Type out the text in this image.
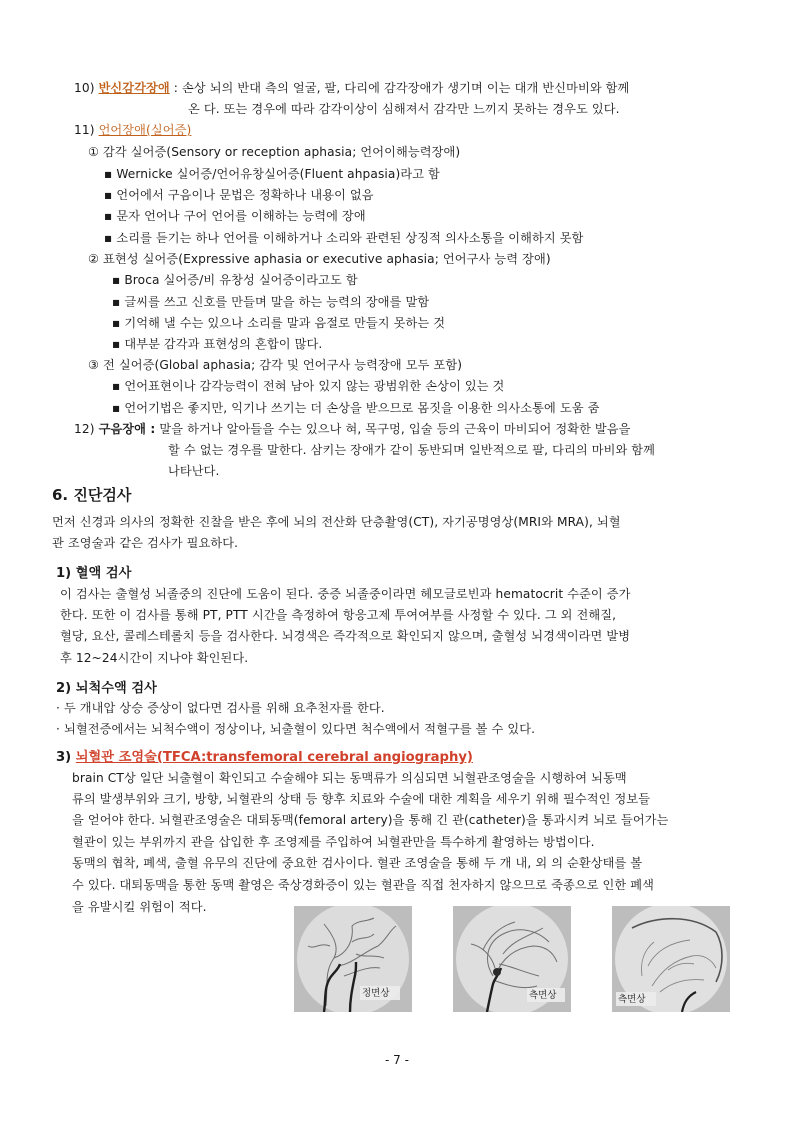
10) 반신감각장애 : 손상 뇌의 반대 측의 얼굴, 팔, 다리에 감각장애가 생기며 이는 대개 반신마비와 함께
온 다. 또는 경우에 따라 감각이상이 심해져서 감각만 느끼지 못하는 경우도 있다.
11) 언어장애(실어증)
① 감각 실어증(Sensory or reception aphasia; 언어이해능력장애)
▪ Wernicke 실어증/언어유창실어증(Fluent ahpasia)라고 함
▪ 언어에서 구음이나 문법은 정확하나 내용이 없음
▪ 문자 언어나 구어 언어를 이해하는 능력에 장애
▪ 소리를 듣기는 하나 언어를 이해하거나 소리와 관련된 상징적 의사소통을 이해하지 못함
② 표현성 실어증(Expressive aphasia or executive aphasia; 언어구사 능력 장애)
▪ Broca 실어증/비 유창성 실어증이라고도 함
▪ 글씨를 쓰고 신호를 만들며 말을 하는 능력의 장애를 말함
▪ 기억해 낼 수는 있으나 소리를 말과 음절로 만들지 못하는 것
▪ 대부분 감각과 표현성의 혼합이 많다.
③ 전 실어증(Global aphasia; 감각 및 언어구사 능력장애 모두 포함)
▪ 언어표현이나 감각능력이 전혀 남아 있지 않는 광범위한 손상이 있는 것
▪ 언어기법은 좋지만, 익기나 쓰기는 더 손상을 받으므로 몸짓을 이용한 의사소통에 도움 줌
12) 구음장애 : 말을 하거나 알아들을 수는 있으나 혀, 목구멍, 입술 등의 근육이 마비되어 정확한 발음을
할 수 없는 경우를 말한다. 삼키는 장애가 같이 동반되며 일반적으로 팔, 다리의 마비와 함께
나타난다.
6. 진단검사
먼저 신경과 의사의 정확한 진찰을 받은 후에 뇌의 전산화 단층촬영(CT), 자기공명영상(MRI와 MRA), 뇌혈
관 조영술과 같은 검사가 필요하다.
1) 혈액 검사
이 검사는 출혈성 뇌졸중의 진단에 도움이 된다. 중증 뇌졸중이라면 헤모글로빈과 hematocrit 수준이 증가
한다. 또한 이 검사를 통해 PT, PTT 시간을 측정하여 항응고제 투여여부를 사정할 수 있다. 그 외 전해질,
혈당, 요산, 콜레스테롤치 등을 검사한다. 뇌경색은 즉각적으로 확인되지 않으며, 출혈성 뇌경색이라면 발병
후 12~24시간이 지나야 확인된다.
2) 뇌척수액 검사
· 두 개내압 상승 증상이 없다면 검사를 위해 요추천자를 한다.
· 뇌혈전증에서는 뇌척수액이 정상이나, 뇌출혈이 있다면 척수액에서 적혈구를 볼 수 있다.
3) 뇌혈관 조영술(TFCA:transfemoral cerebral angiography)
brain CT상 일단 뇌출혈이 확인되고 수술해야 되는 동맥류가 의심되면 뇌혈관조영술을 시행하여 뇌동맥
류의 발생부위와 크기, 방향, 뇌혈관의 상태 등 향후 치료와 수술에 대한 계획을 세우기 위해 필수적인 정보들
을 얻어야 한다. 뇌혈관조영술은 대퇴동맥(femoral artery)을 통해 긴 관(catheter)을 통과시켜 뇌로 들어가는
혈관이 있는 부위까지 관을 삽입한 후 조영제를 주입하여 뇌혈관만을 특수하게 촬영하는 방법이다.
동맥의 협착, 폐색, 출혈 유무의 진단에 중요한 검사이다. 혈관 조영술을 통해 두 개 내, 외 의 순환상태를 볼
수 있다. 대퇴동맥을 통한 동맥 촬영은 죽상경화증이 있는 혈관을 직접 천자하지 않으므로 죽종으로 인한 폐색
을 유발시킬 위험이 적다.
정면상	측면상	측면상
- 7 -
